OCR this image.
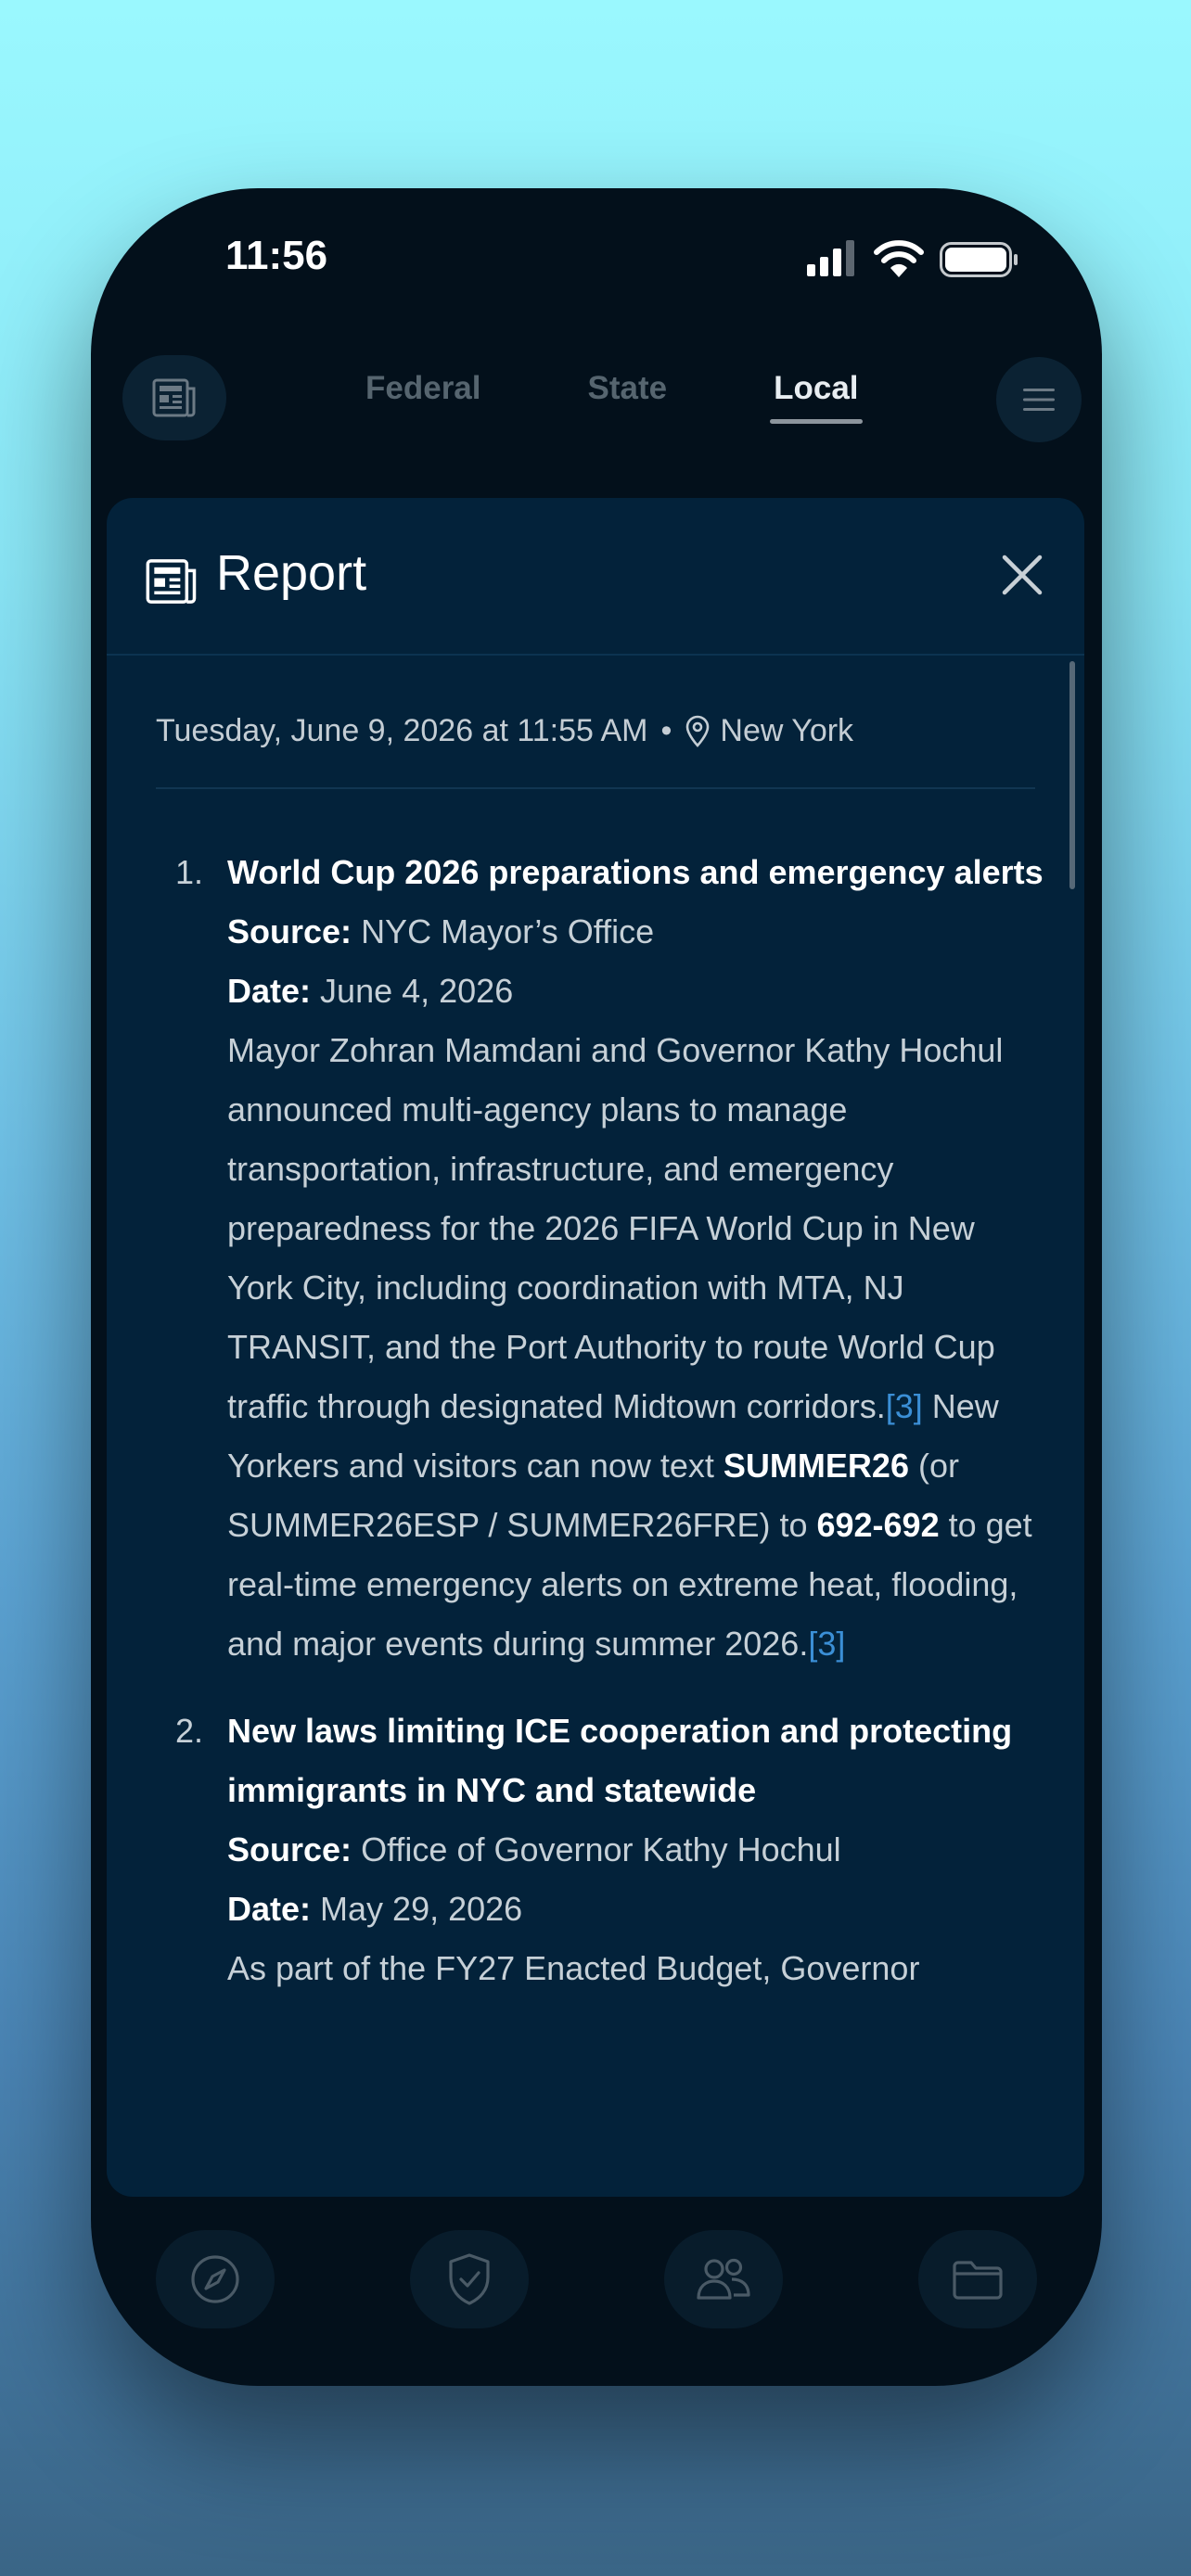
11:56
Federal	State	Local
Report
Tuesday, June 9, 2026 at 11:55 AM • New York
1. World Cup 2026 preparations and emergency alerts
Source: NYC Mayor’s Office
Date: June 4, 2026
Mayor Zohran Mamdani and Governor Kathy Hochul announced multi-agency plans to manage transportation, infrastructure, and emergency preparedness for the 2026 FIFA World Cup in New York City, including coordination with MTA, NJ TRANSIT, and the Port Authority to route World Cup traffic through designated Midtown corridors.[3] New Yorkers and visitors can now text SUMMER26 (or SUMMER26ESP / SUMMER26FRE) to 692-692 to get real-time emergency alerts on extreme heat, flooding, and major events during summer 2026.[3]
2. New laws limiting ICE cooperation and protecting immigrants in NYC and statewide
Source: Office of Governor Kathy Hochul
Date: May 29, 2026
As part of the FY27 Enacted Budget, Governor
